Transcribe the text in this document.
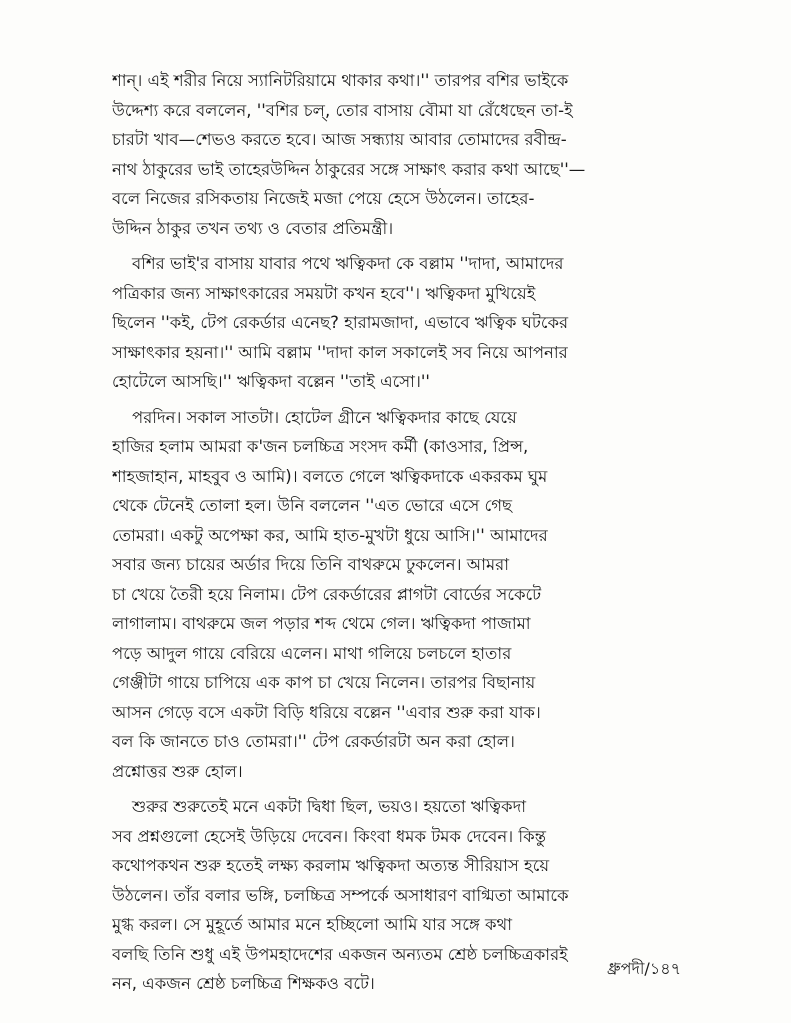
শান্। এই শরীর নিয়ে স্যানিটরিয়ামে থাকার কথা।'' তারপর বশির ভাইকে
উদ্দেশ্য করে বললেন, ''বশির চল্, তোর বাসায় বৌমা যা রেঁধেছেন তা-ই
চারটা খাব—শেভও করতে হবে। আজ সন্ধ্যায় আবার তোমাদের রবীন্দ্র-
নাথ ঠাকুরের ভাই তাহেরউদ্দিন ঠাকুরের সঙ্গে সাক্ষাৎ করার কথা আছে''—
বলে নিজের রসিকতায় নিজেই মজা পেয়ে হেসে উঠলেন। তাহের-
উদ্দিন ঠাকুর তখন তথ্য ও বেতার প্রতিমন্ত্রী।

বশির ভাই'র বাসায় যাবার পথে ঋত্বিকদা কে বল্লাম ''দাদা, আমাদের
পত্রিকার জন্য সাক্ষাৎকারের সময়টা কখন হবে''। ঋত্বিকদা মুখিয়েই
ছিলেন ''কই, টেপ রেকর্ডার এনেছ? হারামজাদা, এভাবে ঋত্বিক ঘটকের
সাক্ষাৎকার হয়না।'' আমি বল্লাম ''দাদা কাল সকালেই সব নিয়ে আপনার
হোটেলে আসছি।'' ঋত্বিকদা বল্লেন ''তাই এসো।''

পরদিন। সকাল সাতটা। হোটেল গ্রীনে ঋত্বিকদার কাছে যেয়ে
হাজির হলাম আমরা ক'জন চলচ্চিত্র সংসদ কর্মী (কাওসার, প্রিন্স,
শাহজাহান, মাহবুব ও আমি)। বলতে গেলে ঋত্বিকদাকে একরকম ঘুম
থেকে টেনেই তোলা হল। উনি বললেন ''এত ভোরে এসে গেছ
তোমরা। একটু অপেক্ষা কর, আমি হাত-মুখটা ধুয়ে আসি।'' আমাদের
সবার জন্য চায়ের অর্ডার দিয়ে তিনি বাথরুমে ঢুকলেন। আমরা
চা খেয়ে তৈরী হয়ে নিলাম। টেপ রেকর্ডারের প্লাগটা বোর্ডের সকেটে
লাগালাম। বাথরুমে জল পড়ার শব্দ থেমে গেল। ঋত্বিকদা পাজামা
পড়ে আদুল গায়ে বেরিয়ে এলেন। মাথা গলিয়ে চলচলে হাতার
গেঞ্জীটা গায়ে চাপিয়ে এক কাপ চা খেয়ে নিলেন। তারপর বিছানায়
আসন গেড়ে বসে একটা বিড়ি ধরিয়ে বল্লেন ''এবার শুরু করা যাক।
বল কি জানতে চাও তোমরা।'' টেপ রেকর্ডারটা অন করা হোল।
প্রশ্নোত্তর শুরু হোল।

শুরুর শুরুতেই মনে একটা দ্বিধা ছিল, ভয়ও। হয়তো ঋত্বিকদা
সব প্রশ্নগুলো হেসেই উড়িয়ে দেবেন। কিংবা ধমক টমক দেবেন। কিন্তু
কথোপকথন শুরু হতেই লক্ষ্য করলাম ঋত্বিকদা অত্যন্ত সীরিয়াস হয়ে
উঠলেন। তাঁর বলার ভঙ্গি, চলচ্চিত্র সম্পর্কে অসাধারণ বাগ্মিতা আমাকে
মুগ্ধ করল। সে মুহূর্তে আমার মনে হচ্ছিলো আমি যার সঙ্গে কথা
বলছি তিনি শুধু এই উপমহাদেশের একজন অন্যতম শ্রেষ্ঠ চলচ্চিত্রকারই
নন, একজন শ্রেষ্ঠ চলচ্চিত্র শিক্ষকও বটে।

ধ্রুপদী/১৪৭
